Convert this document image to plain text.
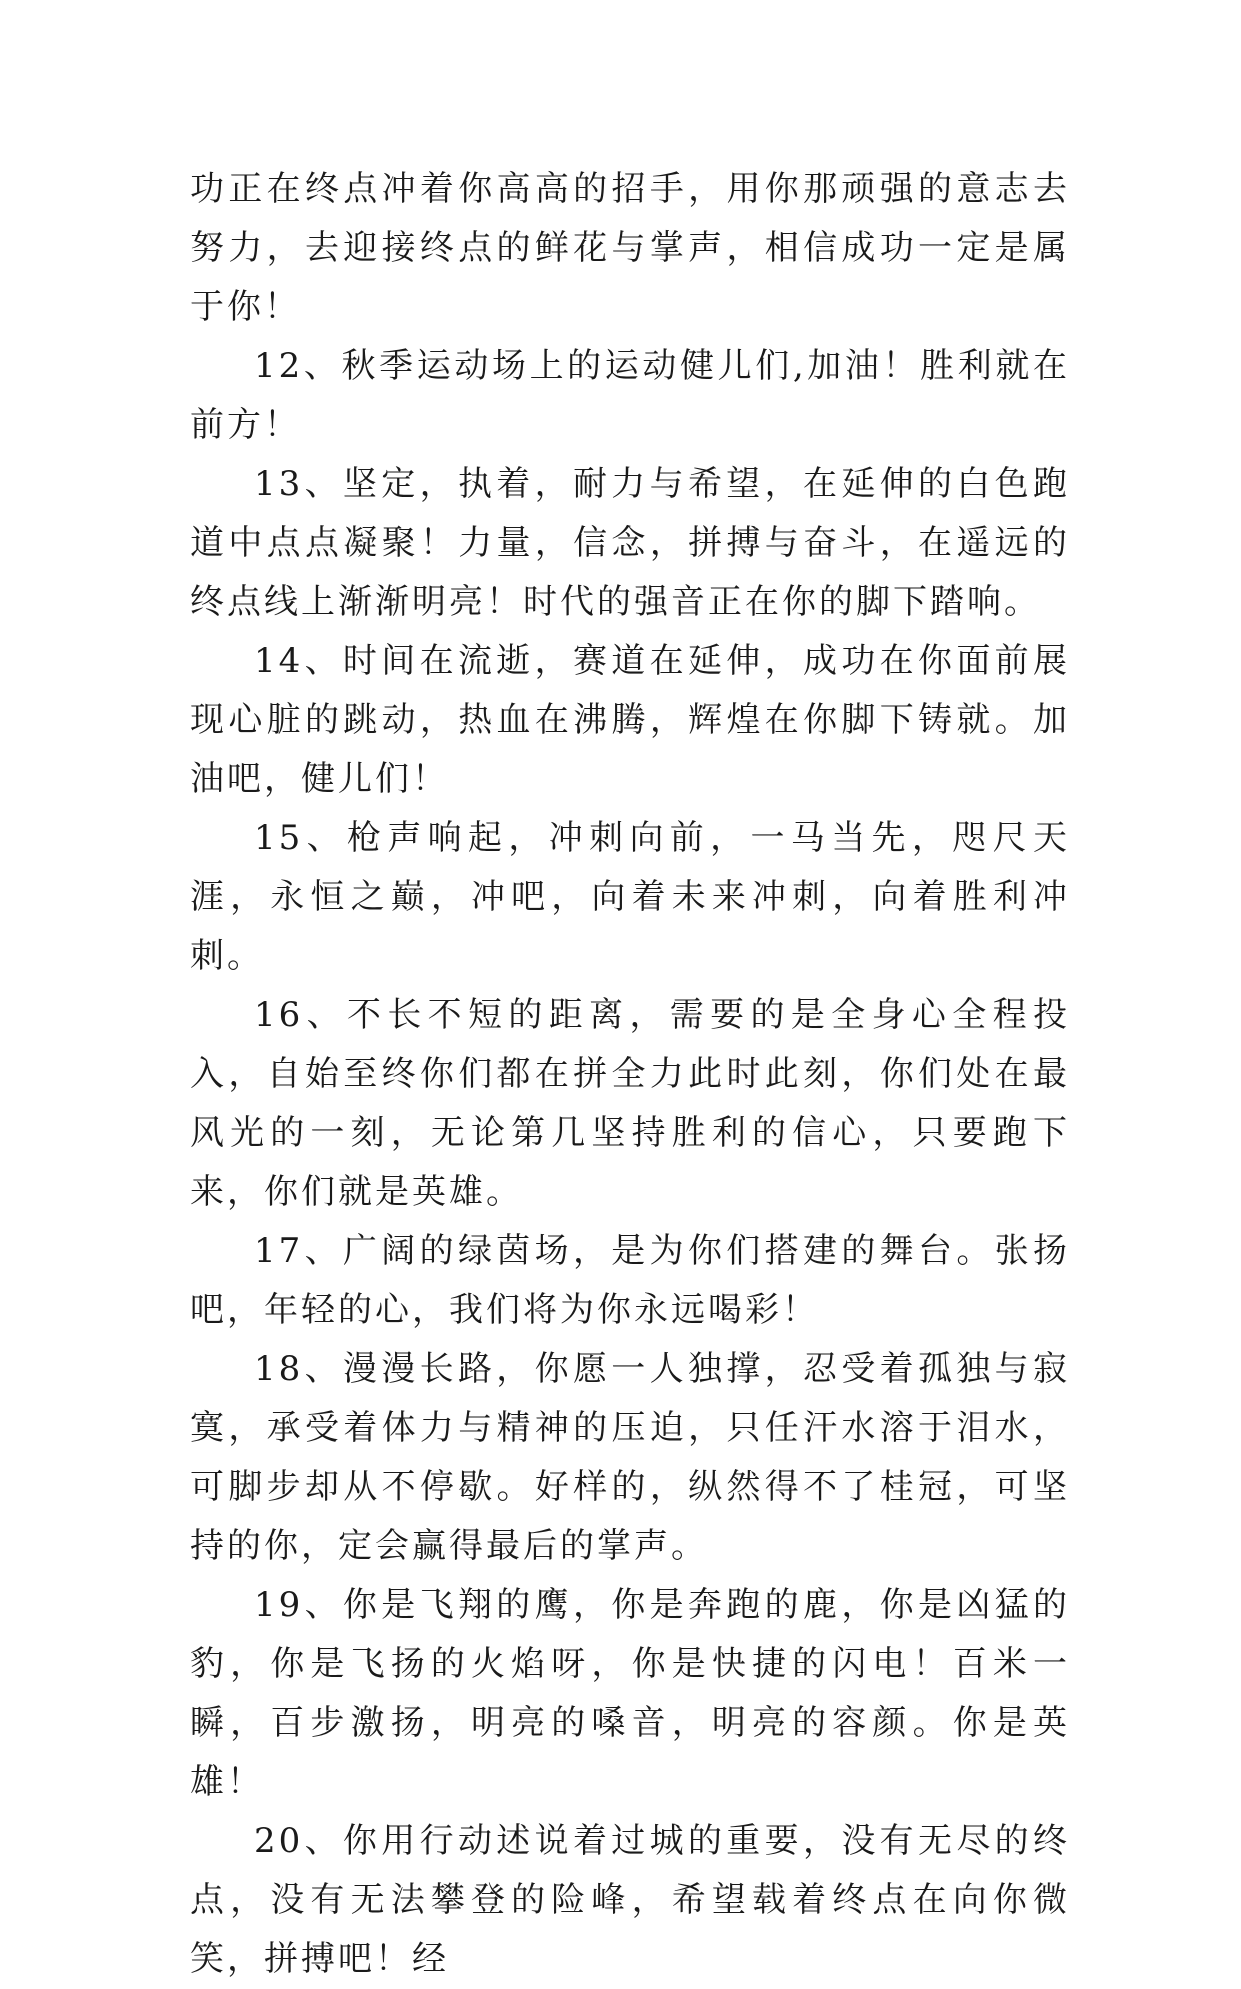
功正在终点冲着你高高的招手，用你那顽强的意志去努力，去迎接终点的鲜花与掌声，相信成功一定是属于你！

12、秋季运动场上的运动健儿们,加油！胜利就在前方！

13、坚定，执着，耐力与希望，在延伸的白色跑道中点点凝聚！力量，信念，拼搏与奋斗，在遥远的终点线上渐渐明亮！时代的强音正在你的脚下踏响。

14、时间在流逝，赛道在延伸，成功在你面前展现心脏的跳动，热血在沸腾，辉煌在你脚下铸就。加油吧，健儿们！

15、枪声响起，冲刺向前，一马当先，咫尺天涯，永恒之巅，冲吧，向着未来冲刺，向着胜利冲刺。

16、不长不短的距离，需要的是全身心全程投入，自始至终你们都在拼全力此时此刻，你们处在最风光的一刻，无论第几坚持胜利的信心，只要跑下来，你们就是英雄。

17、广阔的绿茵场，是为你们搭建的舞台。张扬吧，年轻的心，我们将为你永远喝彩！

18、漫漫长路，你愿一人独撑，忍受着孤独与寂寞，承受着体力与精神的压迫，只任汗水溶于泪水，可脚步却从不停歇。好样的，纵然得不了桂冠，可坚持的你，定会赢得最后的掌声。

19、你是飞翔的鹰，你是奔跑的鹿，你是凶猛的豹，你是飞扬的火焰呀，你是快捷的闪电！百米一瞬，百步激扬，明亮的嗓音，明亮的容颜。你是英雄！

20、你用行动述说着过城的重要，没有无尽的终点，没有无法攀登的险峰，希望载着终点在向你微笑，拼搏吧！经
